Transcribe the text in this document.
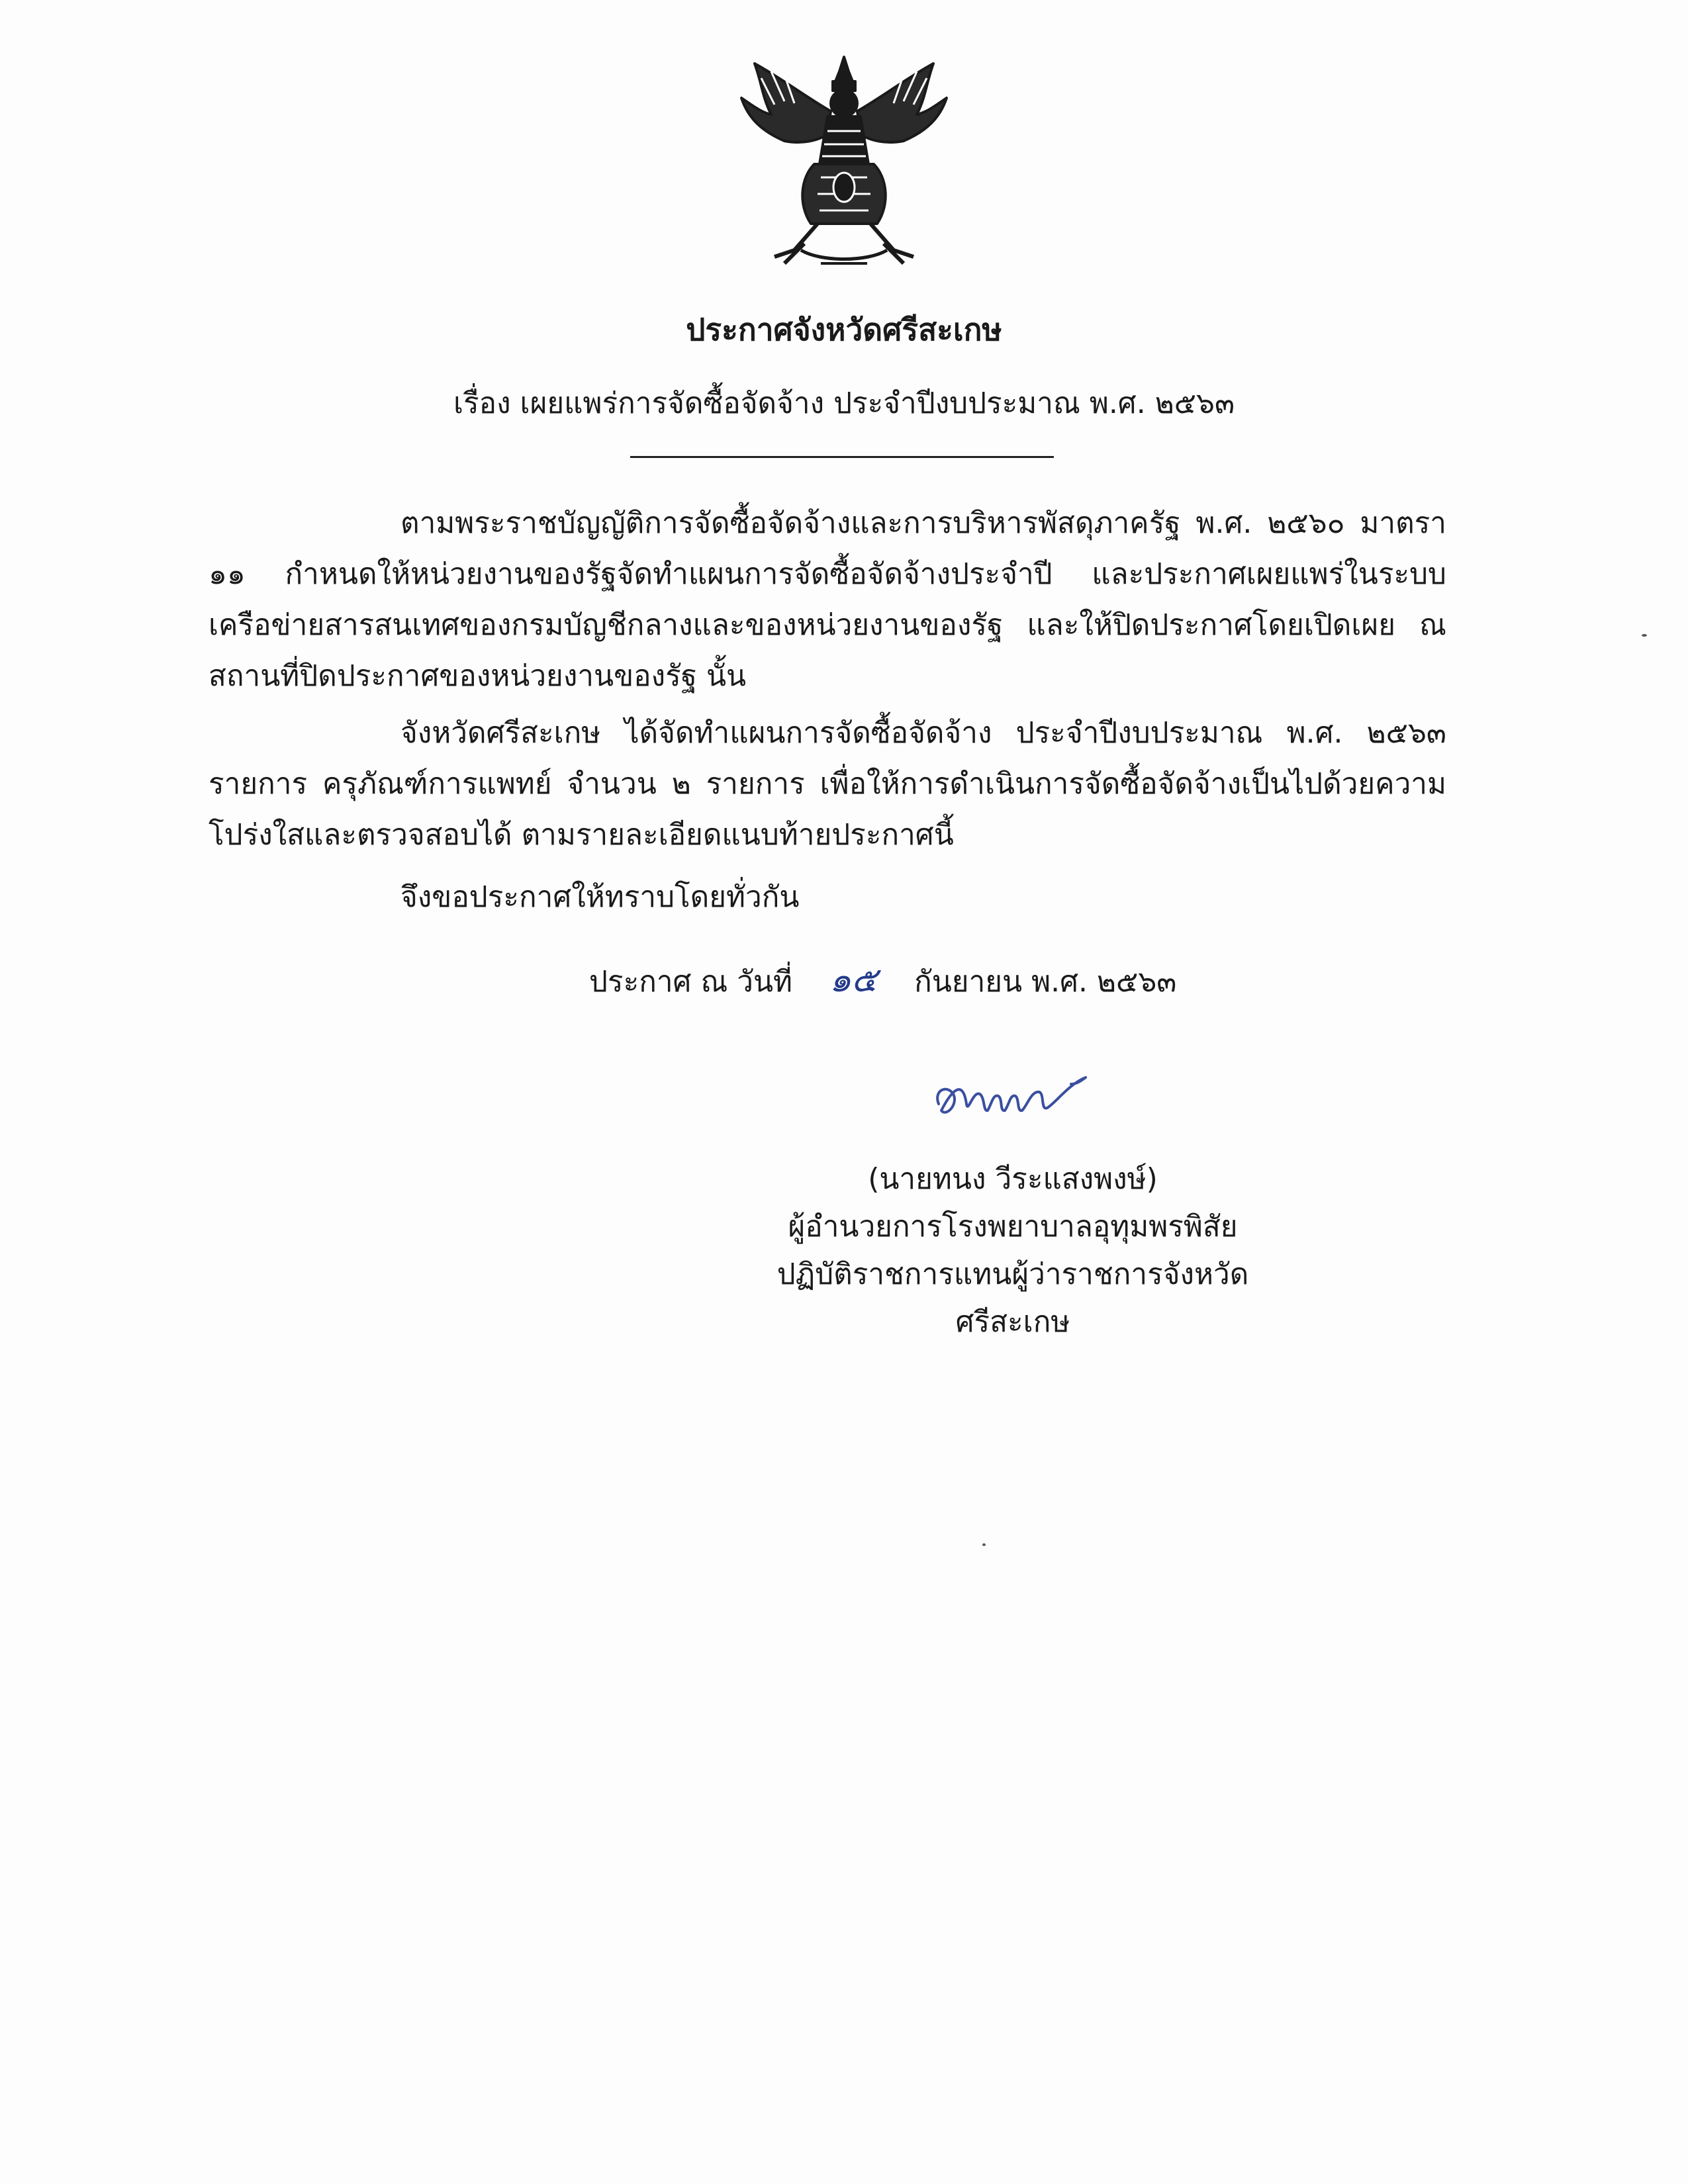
ประกาศจังหวัดศรีสะเกษ
เรื่อง เผยแพร่การจัดซื้อจัดจ้าง ประจำปีงบประมาณ พ.ศ. ๒๕๖๓
ตามพระราชบัญญัติการจัดซื้อจัดจ้างและการบริหารพัสดุภาครัฐ พ.ศ. ๒๕๖๐ มาตรา ๑๑ กำหนดให้หน่วยงานของรัฐจัดทำแผนการจัดซื้อจัดจ้างประจำปี และประกาศเผยแพร่ในระบบเครือข่ายสารสนเทศของกรมบัญชีกลางและของหน่วยงานของรัฐ และให้ปิดประกาศโดยเปิดเผย ณ สถานที่ปิดประกาศของหน่วยงานของรัฐ นั้น
จังหวัดศรีสะเกษ ได้จัดทำแผนการจัดซื้อจัดจ้าง ประจำปีงบประมาณ พ.ศ. ๒๕๖๓ รายการ ครุภัณฑ์การแพทย์ จำนวน ๒ รายการ เพื่อให้การดำเนินการจัดซื้อจัดจ้างเป็นไปด้วยความโปร่งใสและตรวจสอบได้ ตามรายละเอียดแนบท้ายประกาศนี้
จึงขอประกาศให้ทราบโดยทั่วกัน
ประกาศ ณ วันที่ ๑๕ กันยายน พ.ศ. ๒๕๖๓
(นายทนง วีระแสงพงษ์)
ผู้อำนวยการโรงพยาบาลอุทุมพรพิสัย
ปฏิบัติราชการแทนผู้ว่าราชการจังหวัดศรีสะเกษ
